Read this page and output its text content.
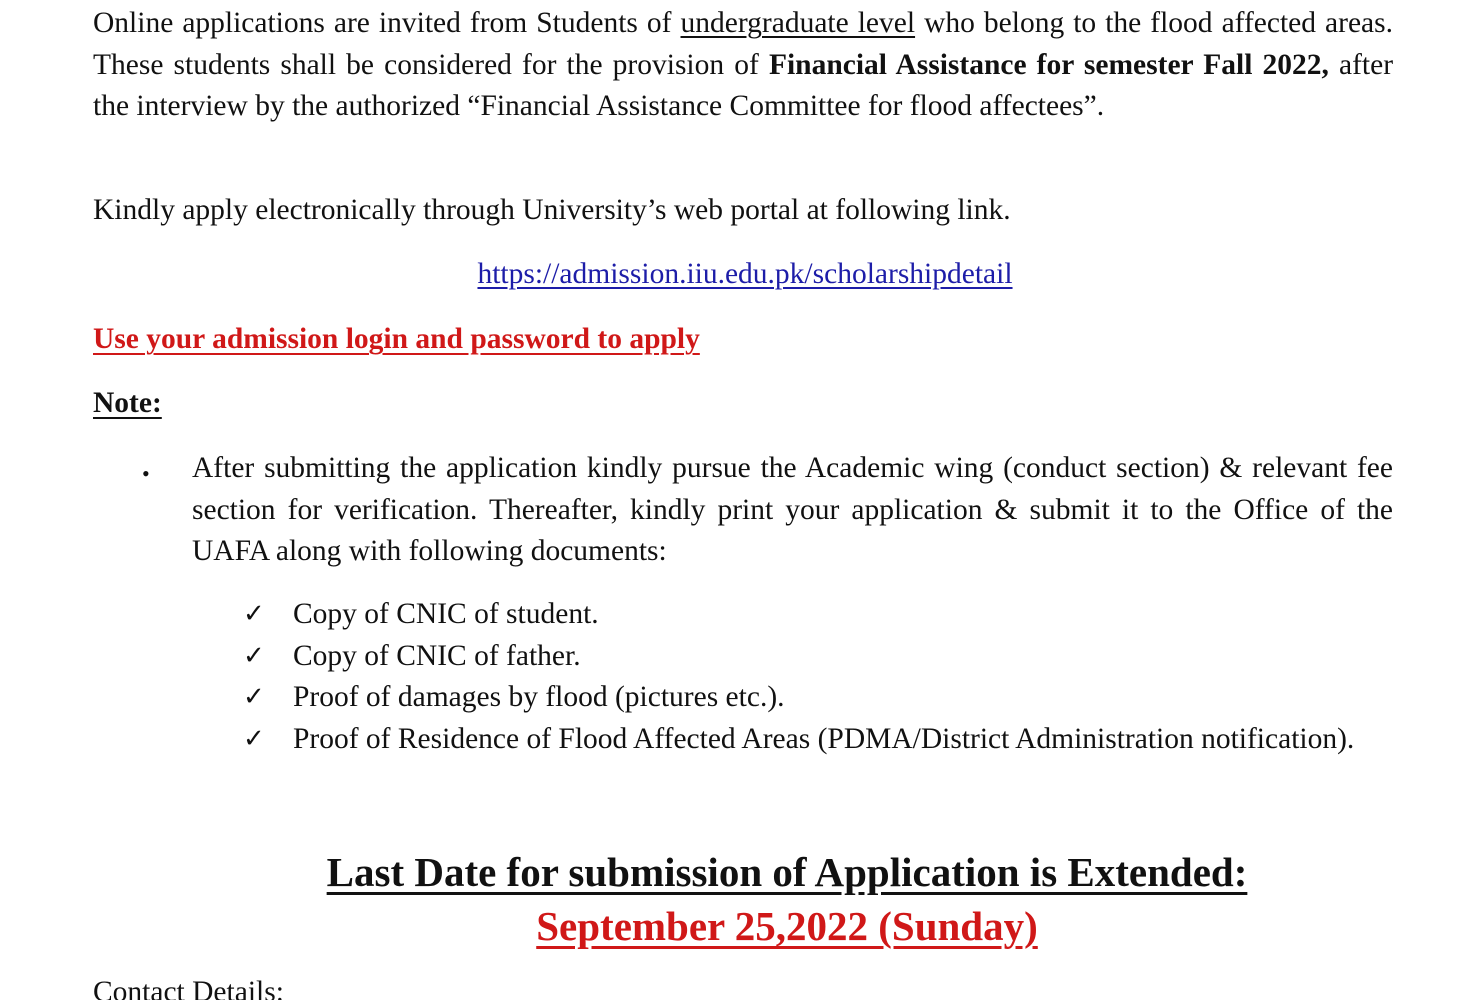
Online applications are invited from Students of undergraduate level who belong to the flood affected areas. These students shall be considered for the provision of Financial Assistance for semester Fall 2022, after the interview by the authorized “Financial Assistance Committee for flood affectees”.

Kindly apply electronically through University’s web portal at following link.

https://admission.iiu.edu.pk/scholarshipdetail
Use your admission login and password to apply
Note:
• After submitting the application kindly pursue the Academic wing (conduct section) & relevant fee section for verification. Thereafter, kindly print your application & submit it to the Office of the UAFA along with following documents:

✓ Copy of CNIC of student.
✓ Copy of CNIC of father.
✓ Proof of damages by flood (pictures etc.).
✓ Proof of Residence of Flood Affected Areas (PDMA/District Administration notification).
Last Date for submission of Application is Extended:
September 25,2022 (Sunday)
Contact Details:
